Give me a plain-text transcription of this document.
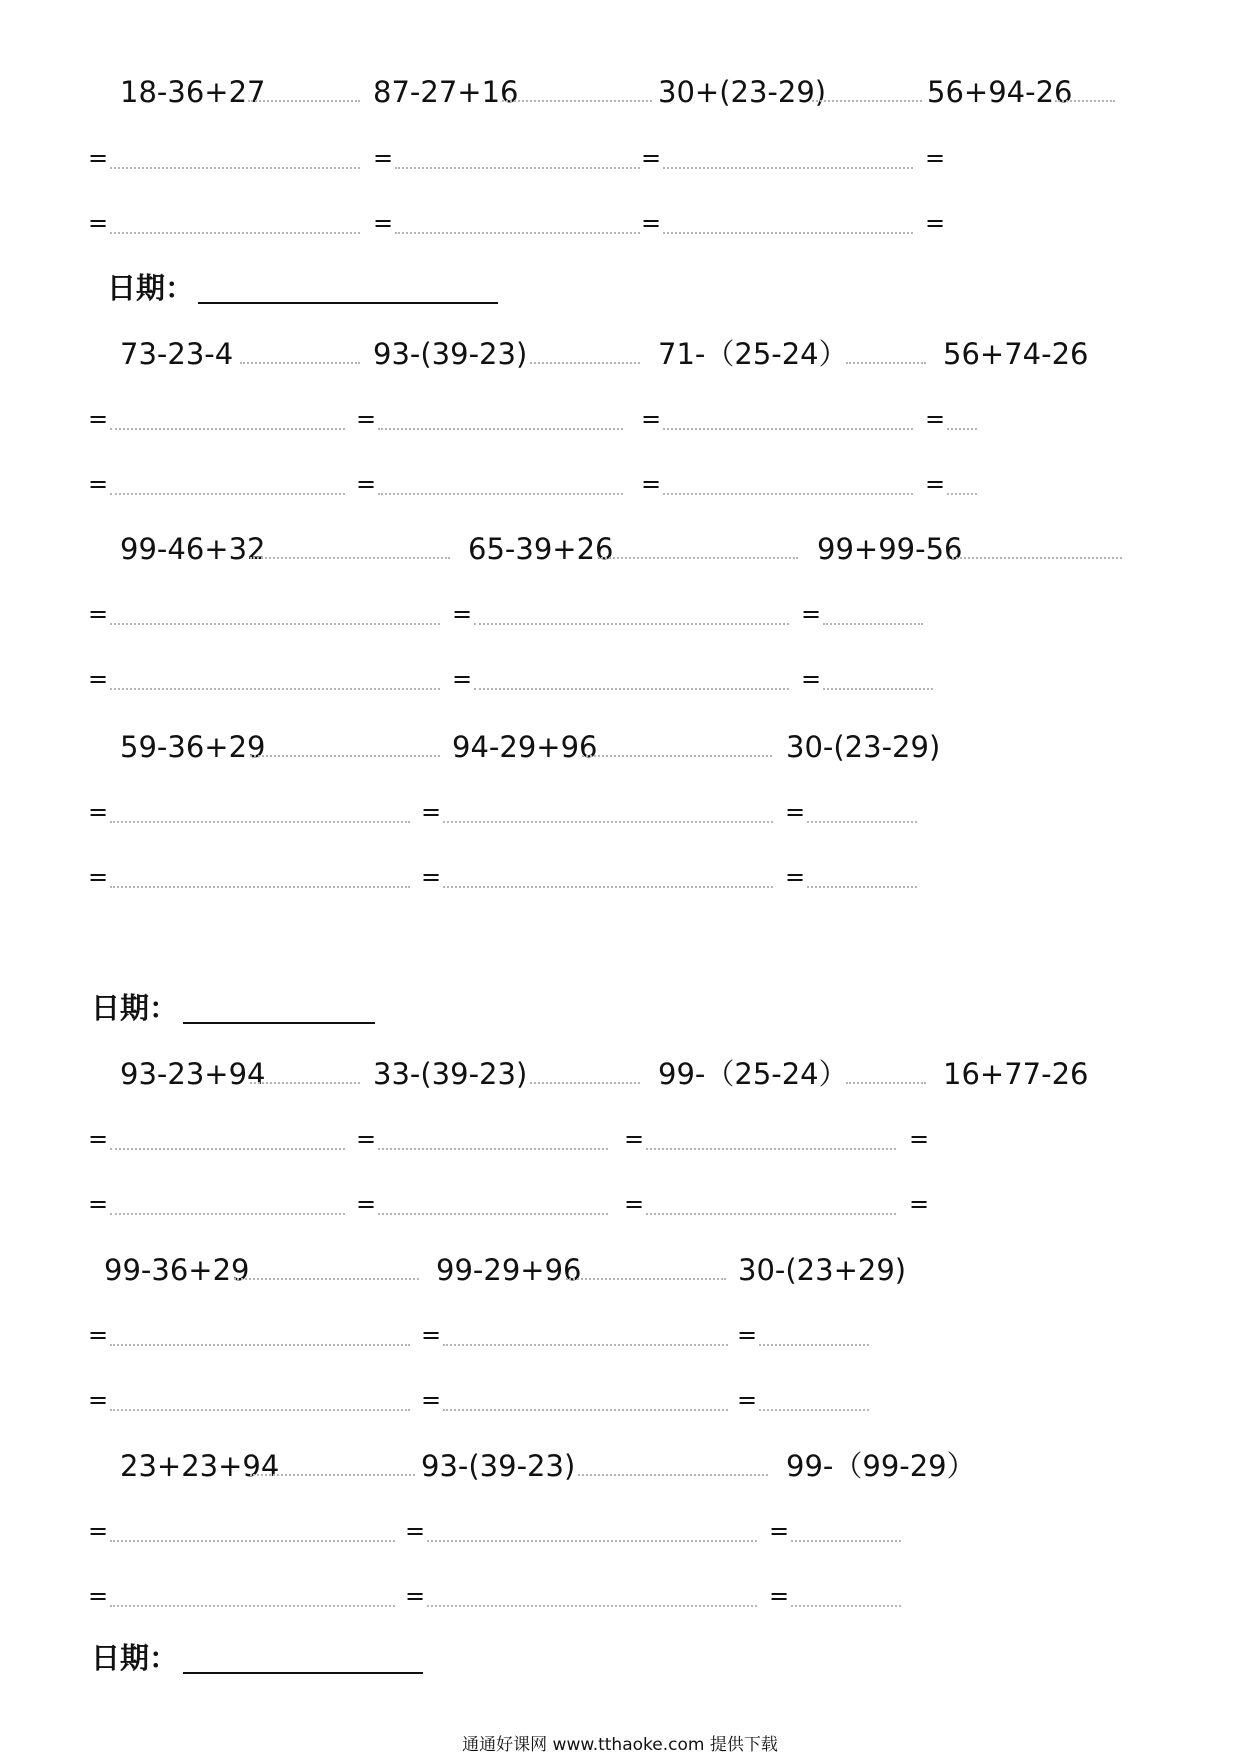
18-36+27	87-27+16	30+(23-29)	56+94-26
=	=	=	=
=	=	=	=
日期：
73-23-4	93-(39-23)	71-（25-24）	56+74-26
=	=	=	=
=	=	=	=
99-46+32	65-39+26	99+99-56
=	=	=
=	=	=
59-36+29	94-29+96	30-(23-29)
=	=	=
=	=	=
日期：
93-23+94	33-(39-23)	99-（25-24）	16+77-26
=	=	=	=
=	=	=	=
99-36+29	99-29+96	30-(23+29)
=	=	=
=	=	=
23+23+94	93-(39-23)	99-（99-29）
=	=	=
=	=	=
日期：
通通好课网 www.tthaoke.com 提供下载
